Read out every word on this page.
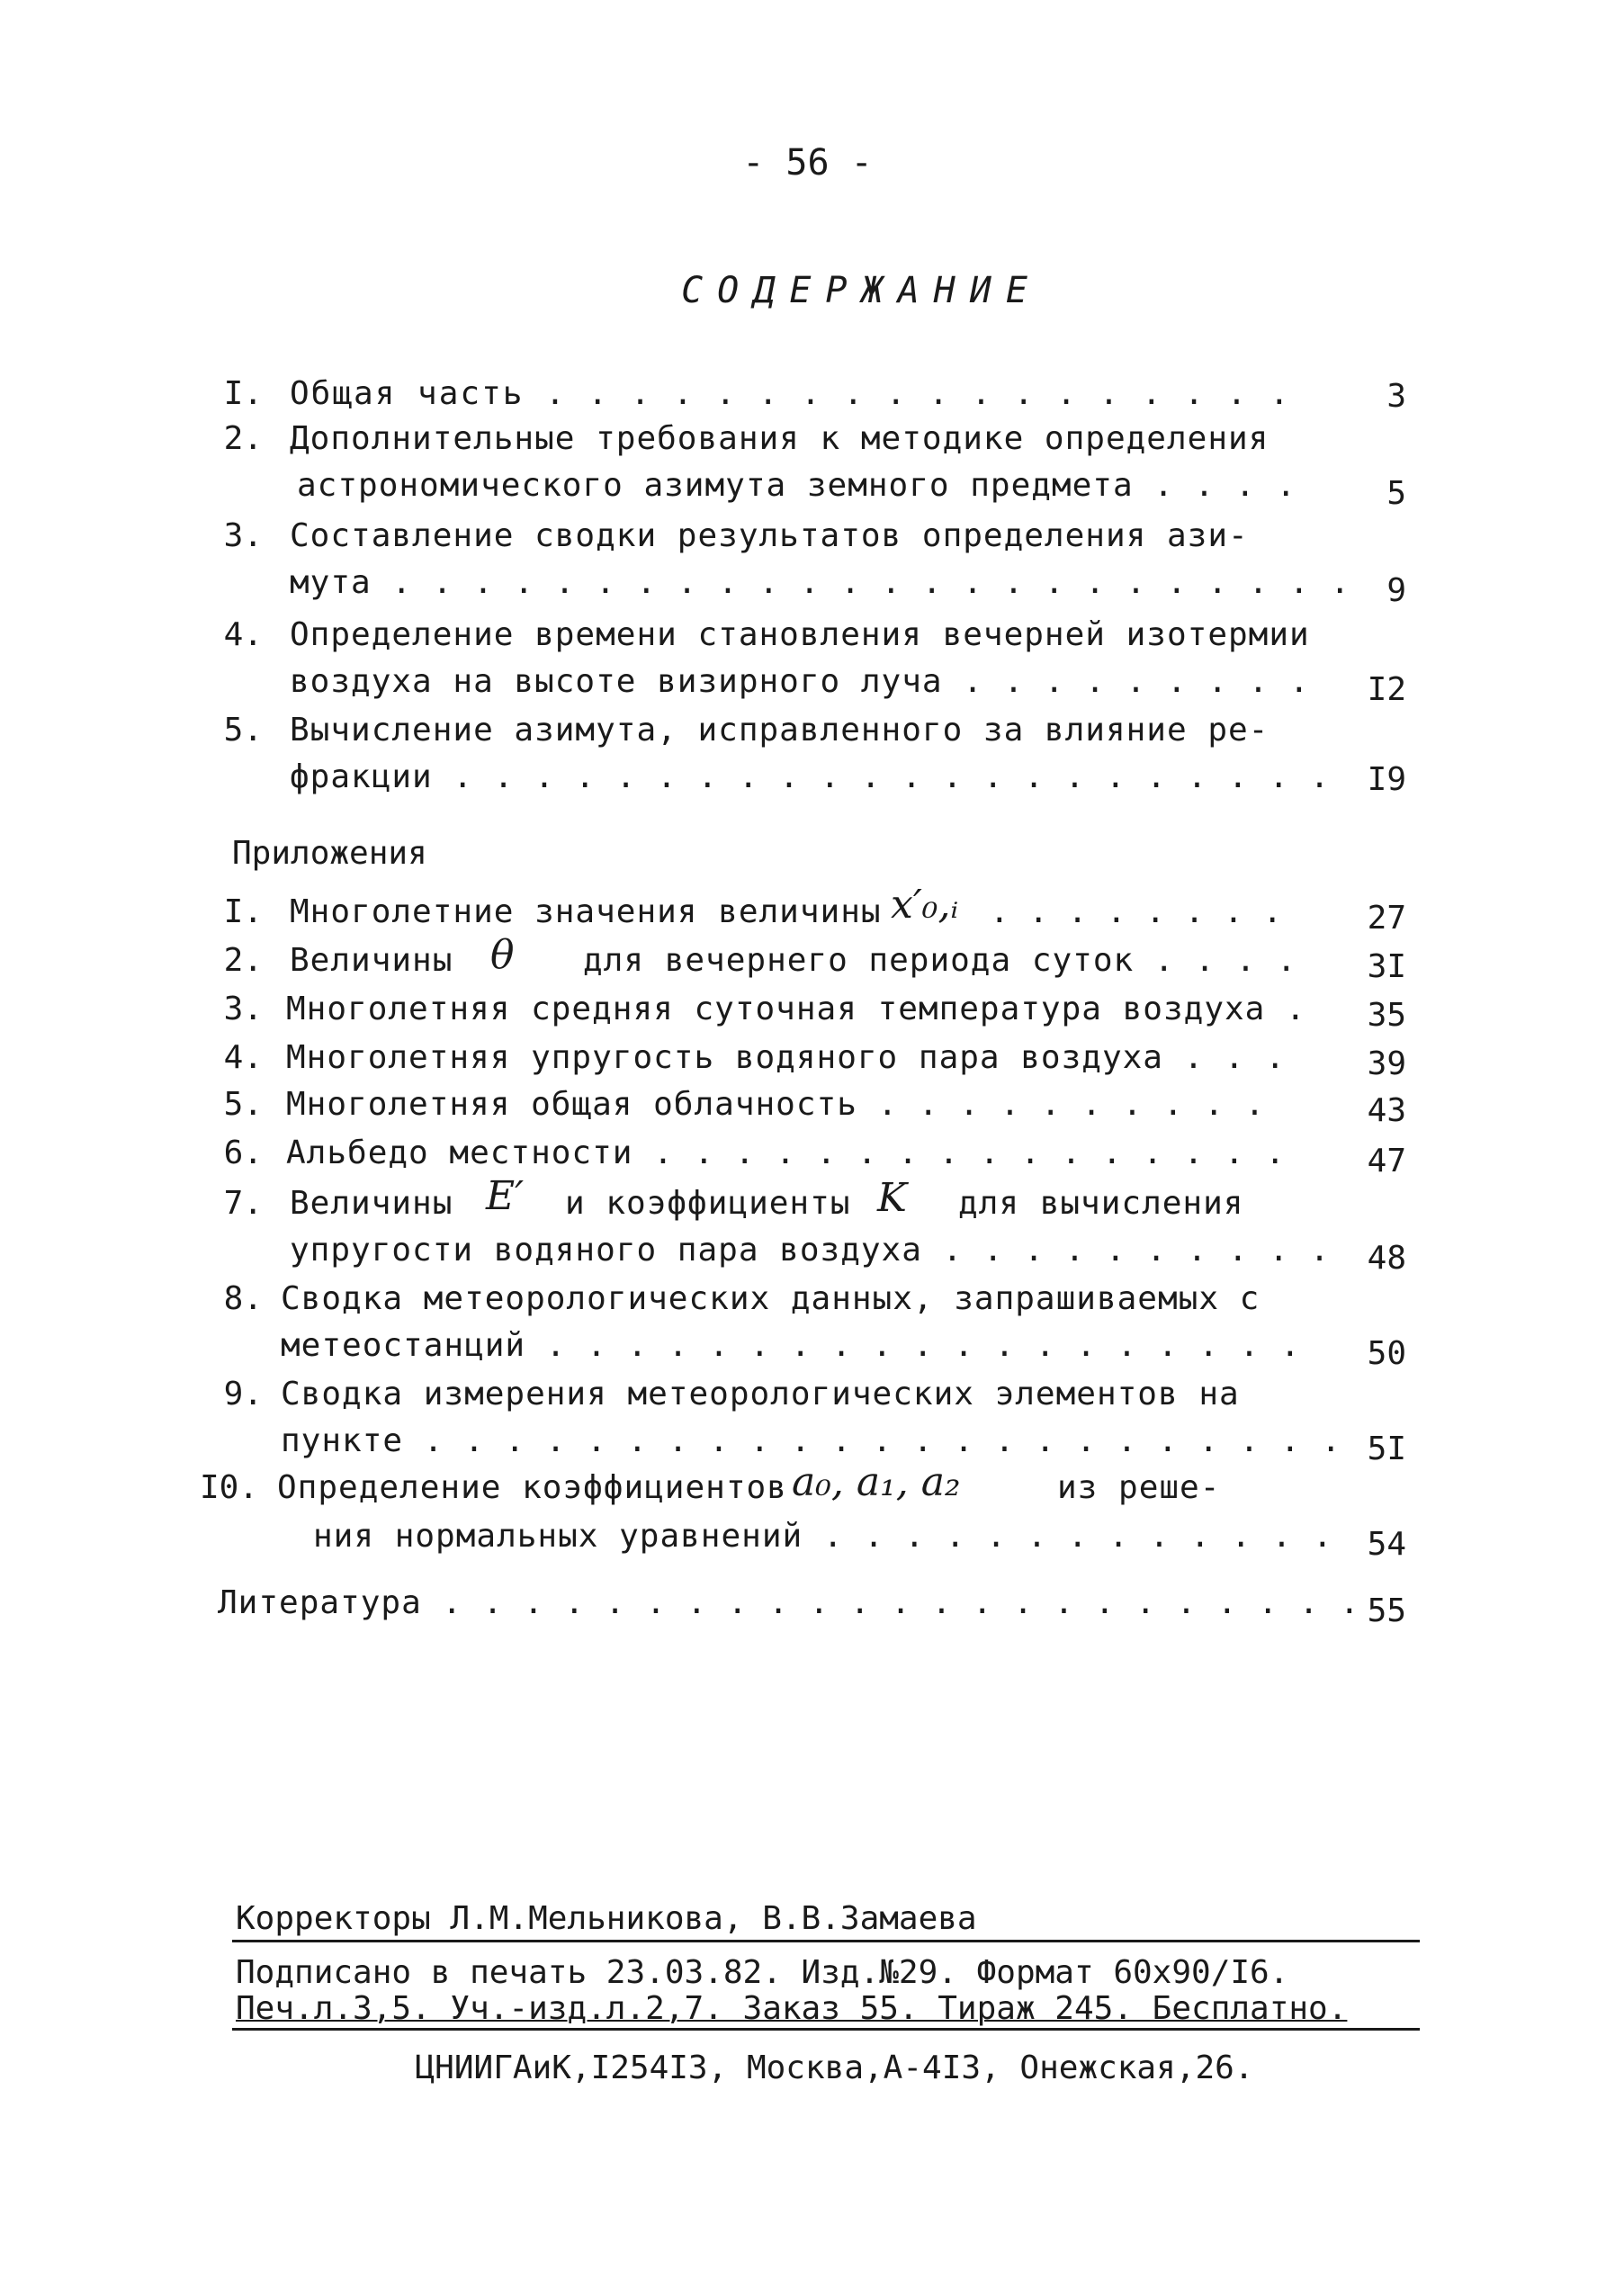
- 56 -
СОДЕРЖАНИЕ
I. Общая часть . . . . . . . . . . . . . . . . . .	3
2. Дополнительные требования к методике определения
астрономического азимута земного предмета . . . .	5
3. Составление сводки результатов определения ази-
мута . . . . . . . . . . . . . . . . . . . . . . . . 9
4. Определение времени становления вечерней изотермии
воздуха на высоте визирного луча . . . . . . . . . I2
5. Вычисление азимута, исправленного за влияние ре-
фракции . . . . . . . . . . . . . . . . . . . . . . I9
Приложения
I. Многолетние значения величины x′₀,ᵢ . . . . . . . .	27
2. Величины θ для вечернего периода суток . . . . 3I
3. Многолетняя средняя суточная температура воздуха . 35
4. Многолетняя упругость водяного пара воздуха . . .	39
5. Многолетняя общая облачность . . . . . . . . . .	43
6. Альбедо местности . . . . . . . . . . . . . . . .	47
7. Величины E′ и коэффициенты K для вычисления
упругости водяного пара воздуха . . . . . . . . . . 48
8. Сводка метеорологических данных, запрашиваемых с
метеостанций . . . . . . . . . . . . . . . . . . . 50
9. Сводка измерения метеорологических элементов на
пункте . . . . . . . . . . . . . . . . . . . . . . . 5I
I0. Определение коэффициентов a₀, a₁, a₂	из реше-
ния нормальных уравнений . . . . . . . . . . . . . 54
Литература . . . . . . . . . . . . . . . . . . . . . . . 55
Корректоры Л.М.Мельникова, В.В.Замаева
Подписано в печать 23.03.82. Изд.№29. Формат 60х90/I6.
Печ.л.3,5. Уч.-изд.л.2,7. Заказ 55. Тираж 245. Бесплатно.
ЦНИИГАиК,I254I3, Москва,А-4I3, Онежская,26.
